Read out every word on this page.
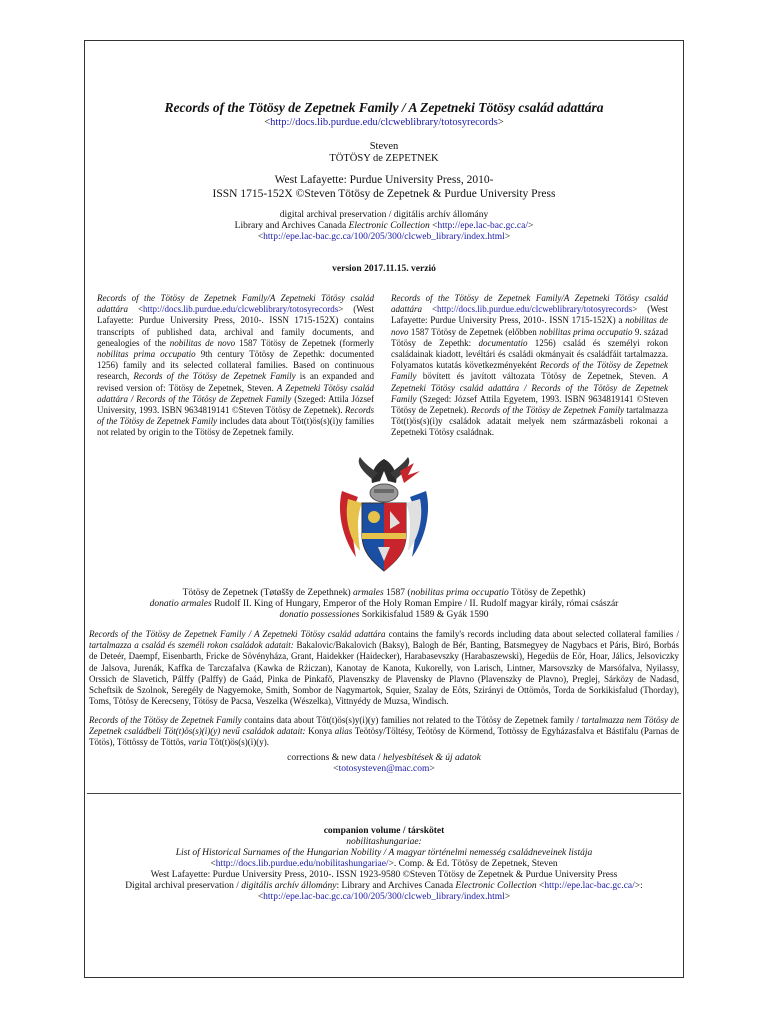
Records of the Tötösy de Zepetnek Family / A Zepetneki Tötösy család adattára
<http://docs.lib.purdue.edu/clcweblibrary/totosyrecords>
Steven
TÖTÖSY de ZEPETNEK
West Lafayette: Purdue University Press, 2010-
ISSN 1715-152X ©Steven Tötösy de Zepetnek & Purdue University Press
digital archival preservation / digitális archív állomány
Library and Archives Canada Electronic Collection <http://epe.lac-bac.gc.ca/>
<http://epe.lac-bac.gc.ca/100/205/300/clcweb_library/index.html>
version 2017.11.15. verzió
Records of the Tötösy de Zepetnek Family/A Zepetneki Tötösy család adattára <http://docs.lib.purdue.edu/clcweblibrary/totosyrecords> (West Lafayette: Purdue University Press, 2010-. ISSN 1715-152X) contains transcripts of published data, archival and family documents, and genealogies of the nobilitas de novo 1587 Tötösy de Zepetnek (formerly nobilitas prima occupatio 9th century Tötösy de Zepethk: documented 1256) family and its selected collateral families. Based on continuous research, Records of the Tötösy de Zepetnek Family is an expanded and revised version of: Tötösy de Zepetnek, Steven. A Zepetneki Tötösy család adattára / Records of the Tötösy de Zepetnek Family (Szeged: Attila József University, 1993. ISBN 9634819141 ©Steven Tötösy de Zepetnek). Records of the Tötösy de Zepetnek Family includes data about Töt(t)ös(s)(i)y families not related by origin to the Tötösy de Zepetnek family.
Records of the Tötösy de Zepetnek Family/A Zepetneki Tötösy család adattára <http://docs.lib.purdue.edu/clcweblibrary/totosyrecords> (West Lafayette: Purdue University Press, 2010-. ISSN 1715-152X) a nobilitas de novo 1587 Tötösy de Zepetnek (előbben nobilitas prima occupatio 9. század Tötösy de Zepethk: documentatio 1256) család és személyi rokon családainak kiadott, levéltári és családi okmányait és családfáit tartalmazza. Folyamatos kutatás következményeként Records of the Tötösy de Zepetnek Family bövített és javított változata Tötösy de Zepetnek, Steven. A Zepetneki Tötösy család adattára / Records of the Tötösy de Zepetnek Family (Szeged: József Attila Egyetem, 1993. ISBN 9634819141 ©Steven Tötösy de Zepetnek). Records of the Tötösy de Zepetnek Family tartalmazza Töt(t)ös(s)(i)y családok adatait melyek nem származásbeli rokonai a Zepetneki Tötösy családnak.
Tötösy de Zepetnek (Tøtøššy de Zepethnek) armales 1587 (nobilitas prima occupatio Tötösy de Zepethk)
donatio armales Rudolf II. King of Hungary, Emperor of the Holy Roman Empire / II. Rudolf magyar király, római császár
donatio possessiones Sorkikisfalud 1589 & Gyák 1590
Records of the Tötösy de Zepetnek Family / A Zepetneki Tötösy család adattára contains the family's records including data about selected collateral families / tartalmazza a család és személi rokon családok adatait: Bakalovic/Bakalovich (Baksy), Balogh de Bér, Banting, Batsmegyey de Nagybacs et Páris, Biró, Borbás de Deteér, Daempf, Eisenbarth, Fricke de Sövényháza, Grant, Haidekker (Haidecker), Harabasevszky (Harabaszewski), Hegedüs de Eör, Hoar, Jálics, Jelsoviczky de Jalsova, Jurenák, Kaffka de Tarczafalva (Kawka de Rżiczan), Kanotay de Kanota, Kukorelly, von Larisch, Lintner, Marsovszky de Marsófalva, Nyilassy, Orssich de Slavetich, Pálffy (Palffy) de Gaád, Pinka de Pinkafő, Plavenszky de Plavensky de Plavno (Plavenszky de Plavno), Preglej, Sárközy de Nadasd, Scheftsik de Szolnok, Seregély de Nagyemoke, Smith, Sombor de Nagymartok, Squier, Szalay de Eöts, Szirányi de Ottömös, Torda de Sorkikisfalud (Thorday), Toms, Tötösy de Kerecseny, Tötösy de Pacsa, Veszelka (Wészelka), Vittnyédy de Muzsa, Windisch.
Records of the Tötösy de Zepetnek Family contains data about Töt(t)ös(s)y(i)(y) families not related to the Tötösy de Zepetnek family / tartalmazza nem Tötösy de Zepetnek családbeli Töt(t)ös(s)(i)(y) nevű családok adatait: Konya alias Teötösy/Töltésy, Teötösy de Körmend, Tottössy de Egyházasfalva et Bástifalu (Parnas de Tötös), Töttössy de Töttös, varia Töt(t)ös(s)(i)(y).
corrections & new data / helyesbítések & új adatok
<totosysteven@mac.com>
companion volume / társkötet
nobilitashungariae:
List of Historical Surnames of the Hungarian Nobility / A magyar történelmi nemesség családneveinek listája
<http://docs.lib.purdue.edu/nobilitashungariae/>. Comp. & Ed. Tötösy de Zepetnek, Steven
West Lafayette: Purdue University Press, 2010-. ISSN 1923-9580 ©Steven Tötösy de Zepetnek & Purdue University Press
Digital archival preservation / digitális archív állomány: Library and Archives Canada Electronic Collection <http://epe.lac-bac.gc.ca/>:
<http://epe.lac-bac.gc.ca/100/205/300/clcweb_library/index.html>
